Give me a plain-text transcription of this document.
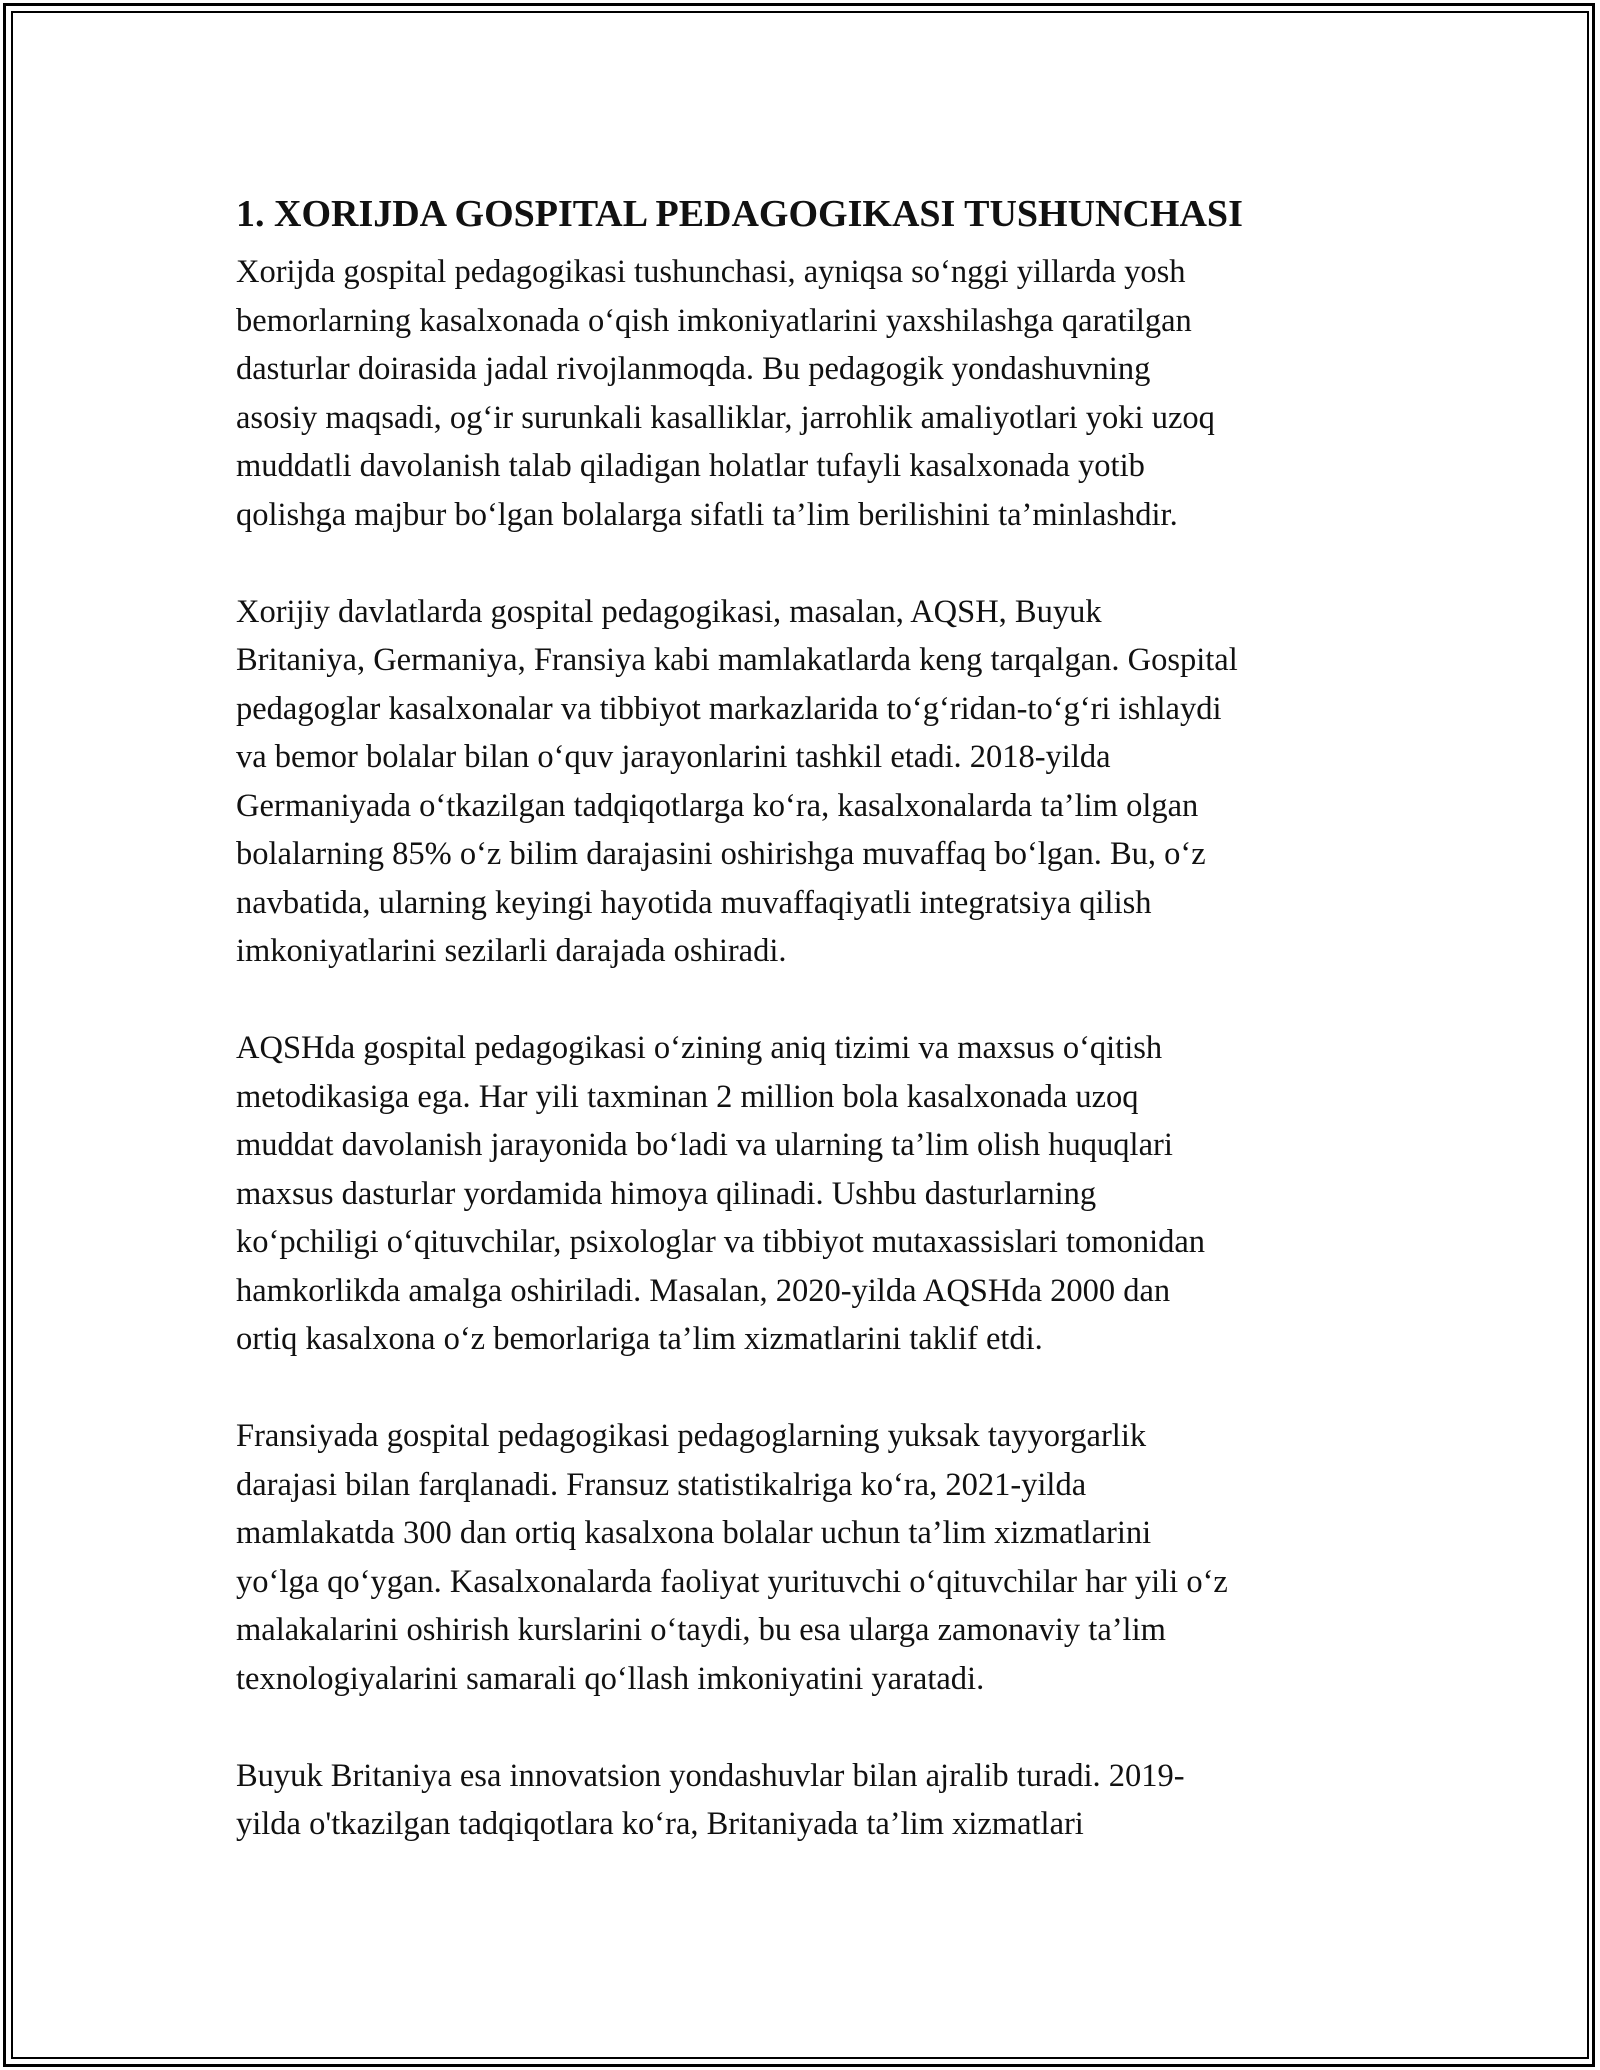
1. XORIJDA GOSPITAL PEDAGOGIKASI TUSHUNCHASI

Xorijda gospital pedagogikasi tushunchasi, ayniqsa so‘nggi yillarda yosh
bemorlarning kasalxonada o‘qish imkoniyatlarini yaxshilashga qaratilgan
dasturlar doirasida jadal rivojlanmoqda. Bu pedagogik yondashuvning
asosiy maqsadi, og‘ir surunkali kasalliklar, jarrohlik amaliyotlari yoki uzoq
muddatli davolanish talab qiladigan holatlar tufayli kasalxonada yotib
qolishga majbur bo‘lgan bolalarga sifatli ta’lim berilishini ta’minlashdir.

Xorijiy davlatlarda gospital pedagogikasi, masalan, AQSH, Buyuk
Britaniya, Germaniya, Fransiya kabi mamlakatlarda keng tarqalgan. Gospital
pedagoglar kasalxonalar va tibbiyot markazlarida to‘g‘ridan-to‘g‘ri ishlaydi
va bemor bolalar bilan o‘quv jarayonlarini tashkil etadi. 2018-yilda
Germaniyada o‘tkazilgan tadqiqotlarga ko‘ra, kasalxonalarda ta’lim olgan
bolalarning 85% o‘z bilim darajasini oshirishga muvaffaq bo‘lgan. Bu, o‘z
navbatida, ularning keyingi hayotida muvaffaqiyatli integratsiya qilish
imkoniyatlarini sezilarli darajada oshiradi.

AQSHda gospital pedagogikasi o‘zining aniq tizimi va maxsus o‘qitish
metodikasiga ega. Har yili taxminan 2 million bola kasalxonada uzoq
muddat davolanish jarayonida bo‘ladi va ularning ta’lim olish huquqlari
maxsus dasturlar yordamida himoya qilinadi. Ushbu dasturlarning
ko‘pchiligi o‘qituvchilar, psixologlar va tibbiyot mutaxassislari tomonidan
hamkorlikda amalga oshiriladi. Masalan, 2020-yilda AQSHda 2000 dan
ortiq kasalxona o‘z bemorlariga ta’lim xizmatlarini taklif etdi.

Fransiyada gospital pedagogikasi pedagoglarning yuksak tayyorgarlik
darajasi bilan farqlanadi. Fransuz statistikalriga ko‘ra, 2021-yilda
mamlakatda 300 dan ortiq kasalxona bolalar uchun ta’lim xizmatlarini
yo‘lga qo‘ygan. Kasalxonalarda faoliyat yurituvchi o‘qituvchilar har yili o‘z
malakalarini oshirish kurslarini o‘taydi, bu esa ularga zamonaviy ta’lim
texnologiyalarini samarali qo‘llash imkoniyatini yaratadi.

Buyuk Britaniya esa innovatsion yondashuvlar bilan ajralib turadi. 2019-
yilda o'tkazilgan tadqiqotlara ko‘ra, Britaniyada ta’lim xizmatlari
